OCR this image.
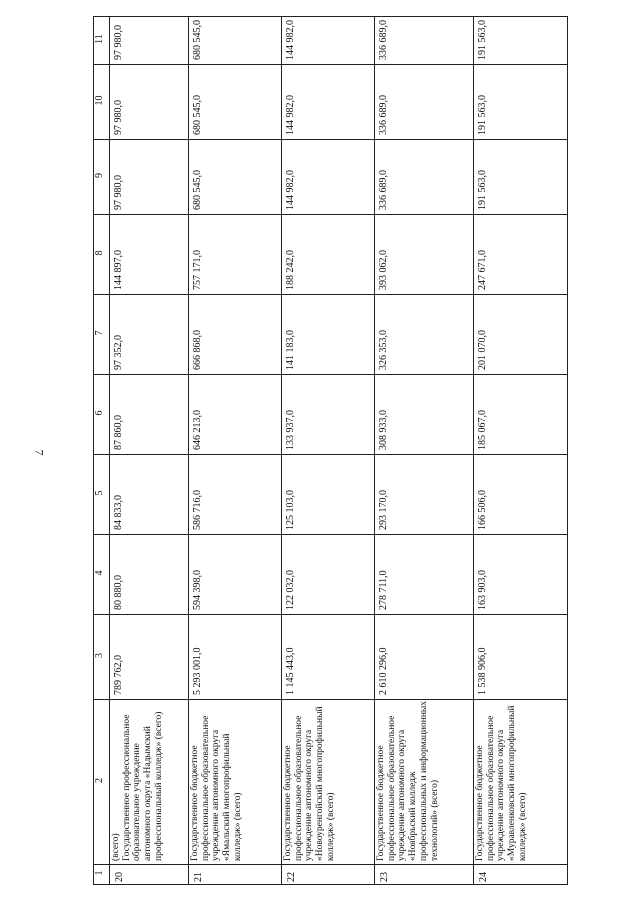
7
1	2	3	4	5	6	7	8	9	10	11
20	(всего) Государственное профессиональное образовательное учреждение автономного округа «Надымский профессиональный колледж» (всего)	789 762,0	80 880,0	84 833,0	87 860,0	97 352,0	144 897,0	97 980,0	97 980,0	97 980,0
21	Государственное бюджетное профессиональное образовательное учреждение автономного округа «Ямальский многопрофильный колледж» (всего)	5 293 001,0	594 398,0	586 716,0	646 213,0	666 868,0	757 171,0	680 545,0	680 545,0	680 545,0
22	Государственное бюджетное профессиональное образовательное учреждение автономного округа «Новоуренгойский многопрофильный колледж» (всего)	1 145 443,0	122 032,0	125 103,0	133 937,0	141 183,0	188 242,0	144 982,0	144 982,0	144 982,0
23	Государственное бюджетное профессиональное образовательное учреждение автономного округа «Ноябрьский колледж профессиональных и информационных технологий» (всего)	2 610 296,0	278 711,0	293 170,0	308 933,0	326 353,0	393 062,0	336 689,0	336 689,0	336 689,0
24	Государственное бюджетное профессиональное образовательное учреждение автономного округа «Муравленковский многопрофильный колледж» (всего)	1 538 906,0	163 903,0	166 506,0	185 067,0	201 070,0	247 671,0	191 563,0	191 563,0	191 563,0
